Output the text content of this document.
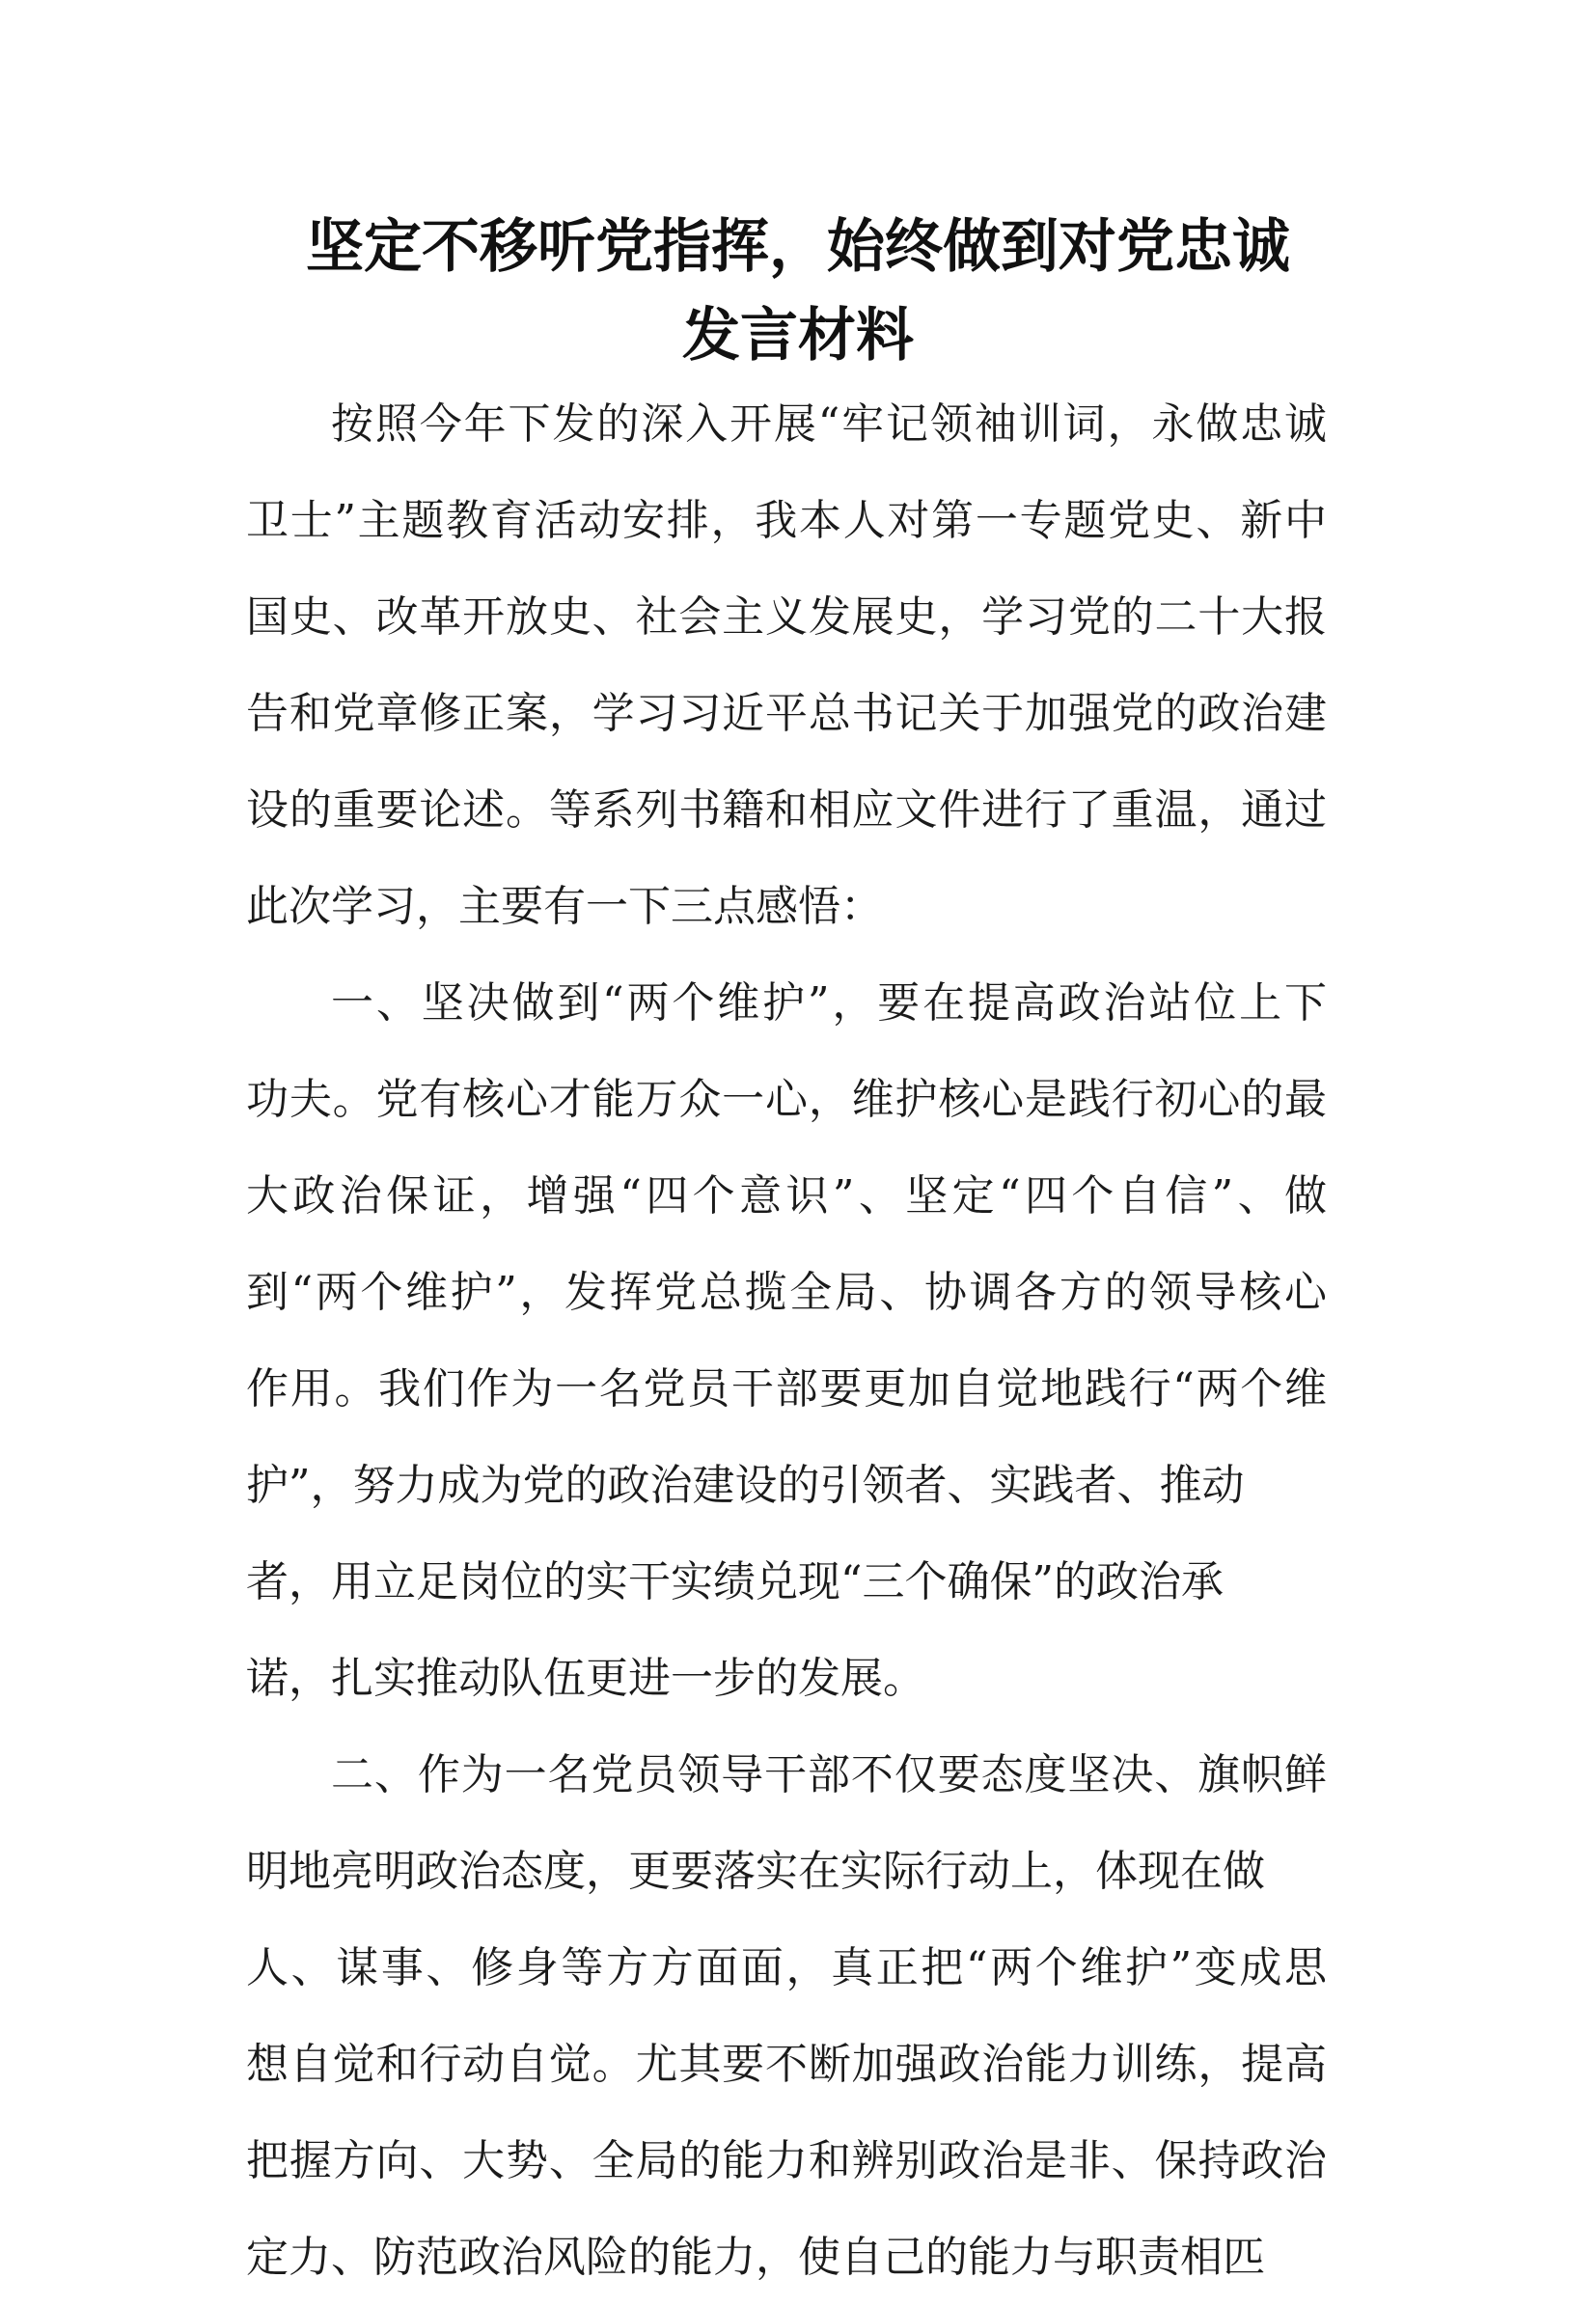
坚定不移听党指挥，始终做到对党忠诚
发言材料
按照今年下发的深入开展“牢记领袖训词，永做忠诚
卫士”主题教育活动安排，我本人对第一专题党史、新中
国史、改革开放史、社会主义发展史，学习党的二十大报
告和党章修正案，学习习近平总书记关于加强党的政治建
设的重要论述。等系列书籍和相应文件进行了重温，通过
此次学习，主要有一下三点感悟：
一、坚决做到“两个维护”，要在提高政治站位上下
功夫。党有核心才能万众一心，维护核心是践行初心的最
大政治保证，增强“四个意识”、坚定“四个自信”、做
到“两个维护”，发挥党总揽全局、协调各方的领导核心
作用。我们作为一名党员干部要更加自觉地践行“两个维
护”，努力成为党的政治建设的引领者、实践者、推动
者，用立足岗位的实干实绩兑现“三个确保”的政治承
诺，扎实推动队伍更进一步的发展。
二、作为一名党员领导干部不仅要态度坚决、旗帜鲜
明地亮明政治态度，更要落实在实际行动上，体现在做
人、谋事、修身等方方面面，真正把“两个维护”变成思
想自觉和行动自觉。尤其要不断加强政治能力训练，提高
把握方向、大势、全局的能力和辨别政治是非、保持政治
定力、防范政治风险的能力，使自己的能力与职责相匹
